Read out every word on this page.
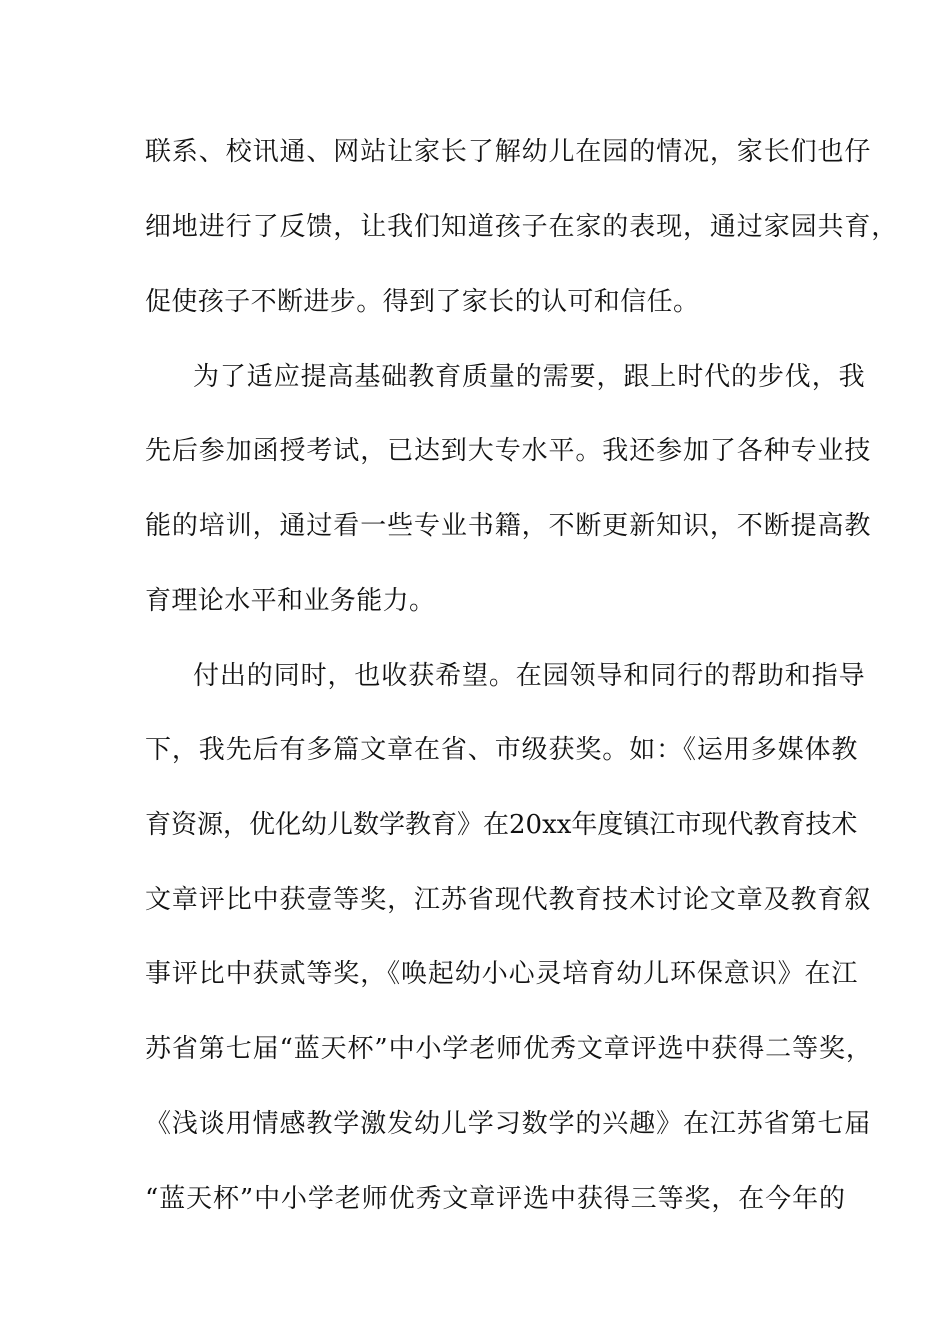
联系、校讯通、网站让家长了解幼儿在园的情况，家长们也仔
细地进行了反馈，让我们知道孩子在家的表现，通过家园共育，
促使孩子不断进步。得到了家长的认可和信任。
为了适应提高基础教育质量的需要，跟上时代的步伐，我
先后参加函授考试，已达到大专水平。我还参加了各种专业技
能的培训，通过看一些专业书籍，不断更新知识，不断提高教
育理论水平和业务能力。
付出的同时，也收获希望。在园领导和同行的帮助和指导
下，我先后有多篇文章在省、市级获奖。如：《运用多媒体教
育资源，优化幼儿数学教育》在20xx年度镇江市现代教育技术
文章评比中获壹等奖，江苏省现代教育技术讨论文章及教育叙
事评比中获贰等奖，《唤起幼小心灵培育幼儿环保意识》在江
苏省第七届“蓝天杯”中小学老师优秀文章评选中获得二等奖，
《浅谈用情感教学激发幼儿学习数学的兴趣》在江苏省第七届
“蓝天杯”中小学老师优秀文章评选中获得三等奖，在今年的
